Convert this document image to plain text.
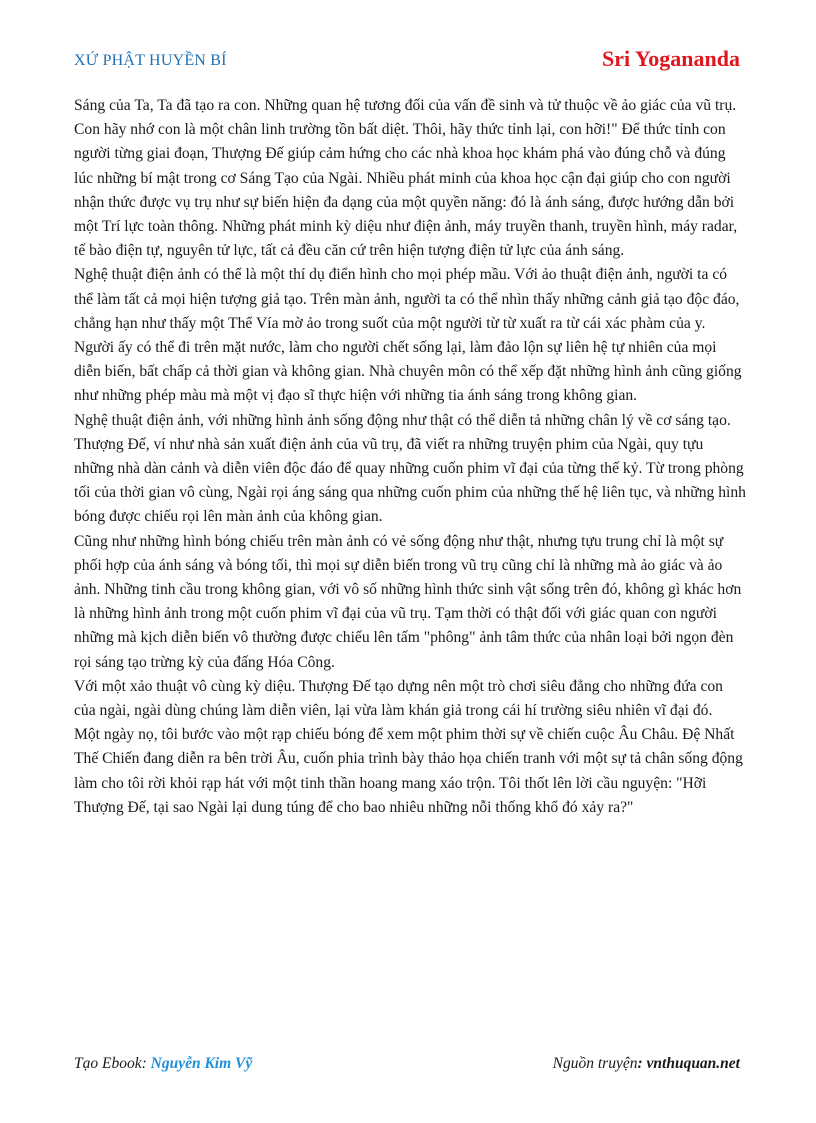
XỨ PHẬT HUYỀN BÍ	Sri Yogananda

Sáng của Ta, Ta đã tạo ra con. Những quan hệ tương đối của vấn đề sinh và tử thuộc về ảo giác của vũ trụ. Con hãy nhớ con là một chân linh trường tồn bất diệt. Thôi, hãy thức tỉnh lại, con hỡi!" Để thức tỉnh con người từng giai đoạn, Thượng Đế giúp cảm hứng cho các nhà khoa học khám phá vào đúng chỗ và đúng lúc những bí mật trong cơ Sáng Tạo của Ngài. Nhiều phát minh của khoa học cận đại giúp cho con người nhận thức được vụ trụ như sự biến hiện đa dạng của một quyền năng: đó là ánh sáng, được hướng dẫn bởi một Trí lực toàn thông. Những phát minh kỳ diệu như điện ảnh, máy truyền thanh, truyền hình, máy radar, tế bào điện tự, nguyên tử lực, tất cả đều căn cứ trên hiện tượng điện tử lực của ánh sáng.

Nghệ thuật điện ảnh có thể là một thí dụ điển hình cho mọi phép mầu. Với ảo thuật điện ảnh, người ta có thể làm tất cả mọi hiện tượng giả tạo. Trên màn ảnh, người ta có thể nhìn thấy những cảnh giả tạo độc đáo, chẳng hạn như thấy một Thể Vía mờ ảo trong suốt của một người từ từ xuất ra từ cái xác phàm của y. Người ấy có thể đi trên mặt nước, làm cho người chết sống lại, làm đảo lộn sự liên hệ tự nhiên của mọi diễn biến, bất chấp cả thời gian và không gian. Nhà chuyên môn có thể xếp đặt những hình ảnh cũng giống như những phép màu mà một vị đạo sĩ thực hiện với những tia ánh sáng trong không gian.

Nghệ thuật điện ảnh, với những hình ảnh sống động như thật có thể diễn tả những chân lý về cơ sáng tạo. Thượng Đế, ví như nhà sản xuất điện ảnh của vũ trụ, đã viết ra những truyện phim của Ngài, quy tựu những nhà dàn cảnh và diễn viên độc đáo để quay những cuốn phim vĩ đại của từng thế kỷ. Từ trong phòng tối của thời gian vô cùng, Ngài rọi áng sáng qua những cuốn phim của những thế hệ liên tục, và những hình bóng được chiếu rọi lên màn ảnh của không gian.

Cũng như những hình bóng chiếu trên màn ảnh có vẻ sống động như thật, nhưng tựu trung chỉ là một sự phối hợp của ánh sáng và bóng tối, thì mọi sự diễn biến trong vũ trụ cũng chỉ là những mà ảo giác và ảo ảnh. Những tinh cầu trong không gian, với vô số những hình thức sinh vật sống trên đó, không gì khác hơn là những hình ảnh trong một cuốn phim vĩ đại của vũ trụ. Tạm thời có thật đối với giác quan con người những mà kịch diễn biến vô thường được chiếu lên tấm "phông" ảnh tâm thức của nhân loại bởi ngọn đèn rọi sáng tạo trừng kỳ của đấng Hóa Công.

Với một xảo thuật vô cùng kỳ diệu. Thượng Đế tạo dựng nên một trò chơi siêu đẳng cho những đứa con của ngài, ngài dùng chúng làm diễn viên, lại vừa làm khán giả trong cái hí trường siêu nhiên vĩ đại đó.

Một ngày nọ, tôi bước vào một rạp chiếu bóng để xem một phim thời sự về chiến cuộc Âu Châu. Đệ Nhất Thế Chiến đang diễn ra bên trời Âu, cuốn phia trình bày thảo họa chiến tranh với một sự tả chân sống động làm cho tôi rời khỏi rạp hát với một tinh thần hoang mang xáo trộn. Tôi thốt lên lời cầu nguyện: "Hỡi Thượng Đế, tại sao Ngài lại dung túng để cho bao nhiêu những nỗi thống khổ đó xảy ra?"

Tạo Ebook: Nguyễn Kim Vỹ	Nguồn truyện: vnthuquan.net
